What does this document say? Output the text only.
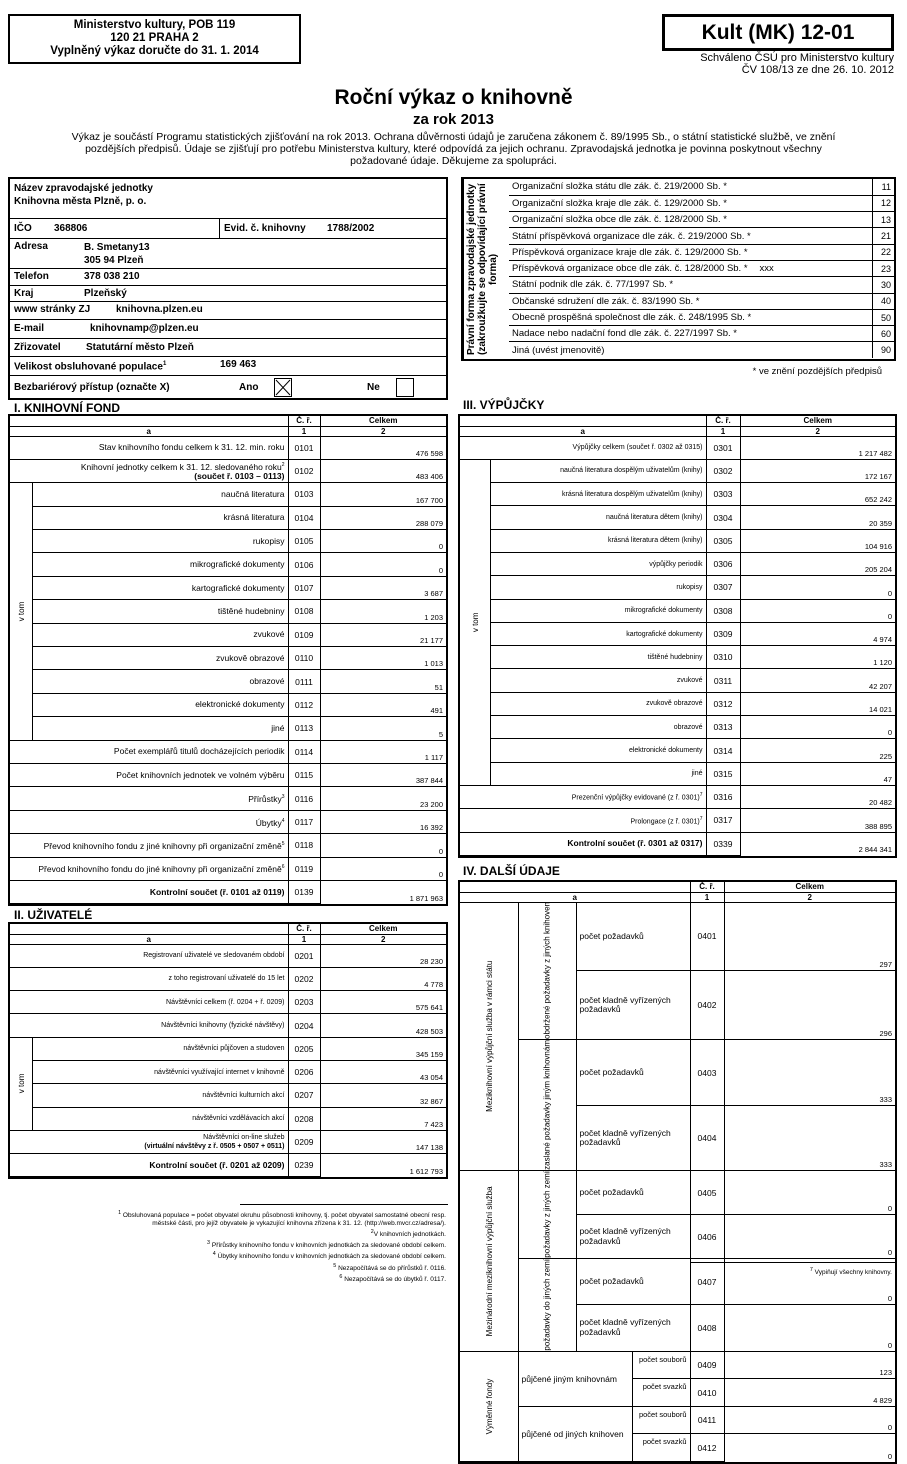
Ministerstvo kultury, POB 119
120 21 PRAHA 2
Vyplněný výkaz doručte do 31. 1. 2014
Kult (MK) 12-01
Schváleno ČSÚ pro Ministerstvo kultury
ČV 108/13 ze dne 26. 10. 2012
Roční výkaz o knihovně
za rok 2013
Výkaz je součástí Programu statistických zjišťování na rok 2013. Ochrana důvěrnosti údajů je zaručena zákonem č. 89/1995 Sb., o státní statistické službě, ve znění
pozdějších předpisů. Údaje se zjišťují pro potřebu Ministerstva kultury, které odpovídá za jejich ochranu. Zpravodajská jednotka je povinna poskytnout všechny
požadované údaje. Děkujeme za spolupráci.
Název zpravodajské jednotky
Knihovna města Plzně, p. o.
IČO 368806	Evid. č. knihovny 1788/2002
Adresa	B. Smetany13
305 94 Plzeň
Telefon	378 038 210
Kraj	Plzeňský
www stránky ZJ	knihovna.plzen.eu
E-mail	knihovnamp@plzen.eu
Zřizovatel	Statutární město Plzeň
Velikost obsluhované populace$^1$	169 463
Bezbariérový přístup (označte X)	Ano	Ne
Právní forma zpravodajské jednotky (zakroužkujte se odpovídající právní forma)
Organizační složka státu dle zák. č. 219/2000 Sb. *	11
Organizační složka kraje dle zák. č. 129/2000 Sb. *	12
Organizační složka obce dle zák. č. 128/2000 Sb. *	13
Státní příspěvková organizace dle zák. č. 219/2000 Sb. *	21
Příspěvková organizace kraje dle zák. č. 129/2000 Sb. *	22
Příspěvková organizace obce dle zák. č. 128/2000 Sb. * xxx	23
Státní podnik dle zák. č. 77/1997 Sb. *	30
Občanské sdružení dle zák. č. 83/1990 Sb. *	40
Obecně prospěšná společnost dle zák. č. 248/1995 Sb. *	50
Nadace nebo nadační fond dle zák. č. 227/1997 Sb. *	60
Jiná (uvést jmenovitě)	90
* ve znění pozdějších předpisů
I. KNIHOVNÍ FOND
		Č. ř.	Celkem
a		1	2
Stav knihovního fondu celkem k 31. 12. min. roku		0101	476 598
Knihovní jednotky celkem k 31. 12. sledovaného roku$^2$
(součet ř. 0103 – 0113)		0102	483 406
v tom	naučná literatura	0103	167 700
	krásná literatura	0104	288 079
	rukopisy	0105	0
	mikrografické dokumenty	0106	0
	kartografické dokumenty	0107	3 687
	tištěné hudebniny	0108	1 203
	zvukové	0109	21 177
	zvukově obrazové	0110	1 013
	obrazové	0111	51
	elektronické dokumenty	0112	491
	jiné	0113	5
Počet exemplářů titulů docházejících periodik		0114	1 117
Počet knihovních jednotek ve volném výběru		0115	387 844
Přírůstky$^3$		0116	23 200
Úbytky$^4$		0117	16 392
Převod knihovního fondu z jiné knihovny při organizační změně$^5$		0118	0
Převod knihovního fondu do jiné knihovny při organizační změně$^6$		0119	0
Kontrolní součet (ř. 0101 až 0119)		0139	1 871 963
II. UŽIVATELÉ
		Č. ř.	Celkem
a		1	2
Registrovaní uživatelé ve sledovaném období		0201	28 230
z toho registrovaní uživatelé do 15 let		0202	4 778
Návštěvníci celkem (ř. 0204 + ř. 0209)		0203	575 641
Návštěvníci knihovny (fyzické návštěvy)		0204	428 503
v tom	návštěvníci půjčoven a studoven	0205	345 159
	návštěvníci využívající internet v knihovně	0206	43 054
	návštěvníci kulturních akcí	0207	32 867
	návštěvníci vzdělávacích akcí	0208	7 423
Návštěvníci on-line služeb
(virtuální návštěvy z ř. 0505 + 0507 + 0511)		0209	147 138
Kontrolní součet (ř. 0201 až 0209)		0239	1 612 793
III. VÝPŮJČKY
		Č. ř.	Celkem
a		1	2
Výpůjčky celkem (součet ř. 0302 až 0315)		0301	1 217 482
v tom	naučná literatura dospělým uživatelům (knihy)	0302	172 167
	krásná literatura dospělým uživatelům (knihy)	0303	652 242
	naučná literatura dětem (knihy)	0304	20 359
	krásná literatura dětem (knihy)	0305	104 916
	výpůjčky periodik	0306	205 204
	rukopisy	0307	0
	mikrografické dokumenty	0308	0
	kartografické dokumenty	0309	4 974
	tištěné hudebniny	0310	1 120
	zvukové	0311	42 207
	zvukově obrazové	0312	14 021
	obrazové	0313	0
	elektronické dokumenty	0314	225
	jiné	0315	47
Prezenční výpůjčky evidované (z ř. 0301)$^7$		0316	20 482
Prolongace (z ř. 0301)$^7$		0317	388 895
Kontrolní součet (ř. 0301 až 0317)		0339	2 844 341
IV. DALŠÍ ÚDAJE
				Č. ř.	Celkem
a				1	2
Meziknihovní výpůjční služba v rámci státu	obdržené požadavky z jiných knihoven	počet požadavků		0401	297
		počet kladně vyřízených požadavků		0402	296
	zaslané požadavky jiným knihovnám	počet požadavků		0403	333
		počet kladně vyřízených požadavků		0404	333
Mezinárodní meziknihovní výpůjční služba	požadavky z jiných zemí	počet požadavků		0405	0
		počet kladně vyřízených požadavků		0406	0
	požadavky do jiných zemí	počet požadavků		0407	0
		počet kladně vyřízených požadavků		0408	0
Výměnné fondy	půjčené jiným knihovnám		počet souborů	0409	123
			počet svazků	0410	4 829
	půjčené od jiných knihoven		počet souborů	0411	0
			počet svazků	0412	0
$^1$ Obsluhovaná populace = počet obyvatel okruhu působnosti knihovny, tj. počet obyvatel samostatné obecní resp.
městské části, pro jejíž obyvatele je vykazující knihovna zřízena k 31. 12. (http://web.mvcr.cz/adresa/).
$^2$V knihovních jednotkách.
$^3$ Přírůstky knihovního fondu v knihovních jednotkách za sledované období celkem.
$^4$ Úbytky knihovního fondu v knihovních jednotkách za sledované období celkem.
$^5$ Nezapočítává se do přírůstků ř. 0116.
$^6$ Nezapočítává se do úbytků ř. 0117.
$^7$ Vypiňují všechny knihovny.
